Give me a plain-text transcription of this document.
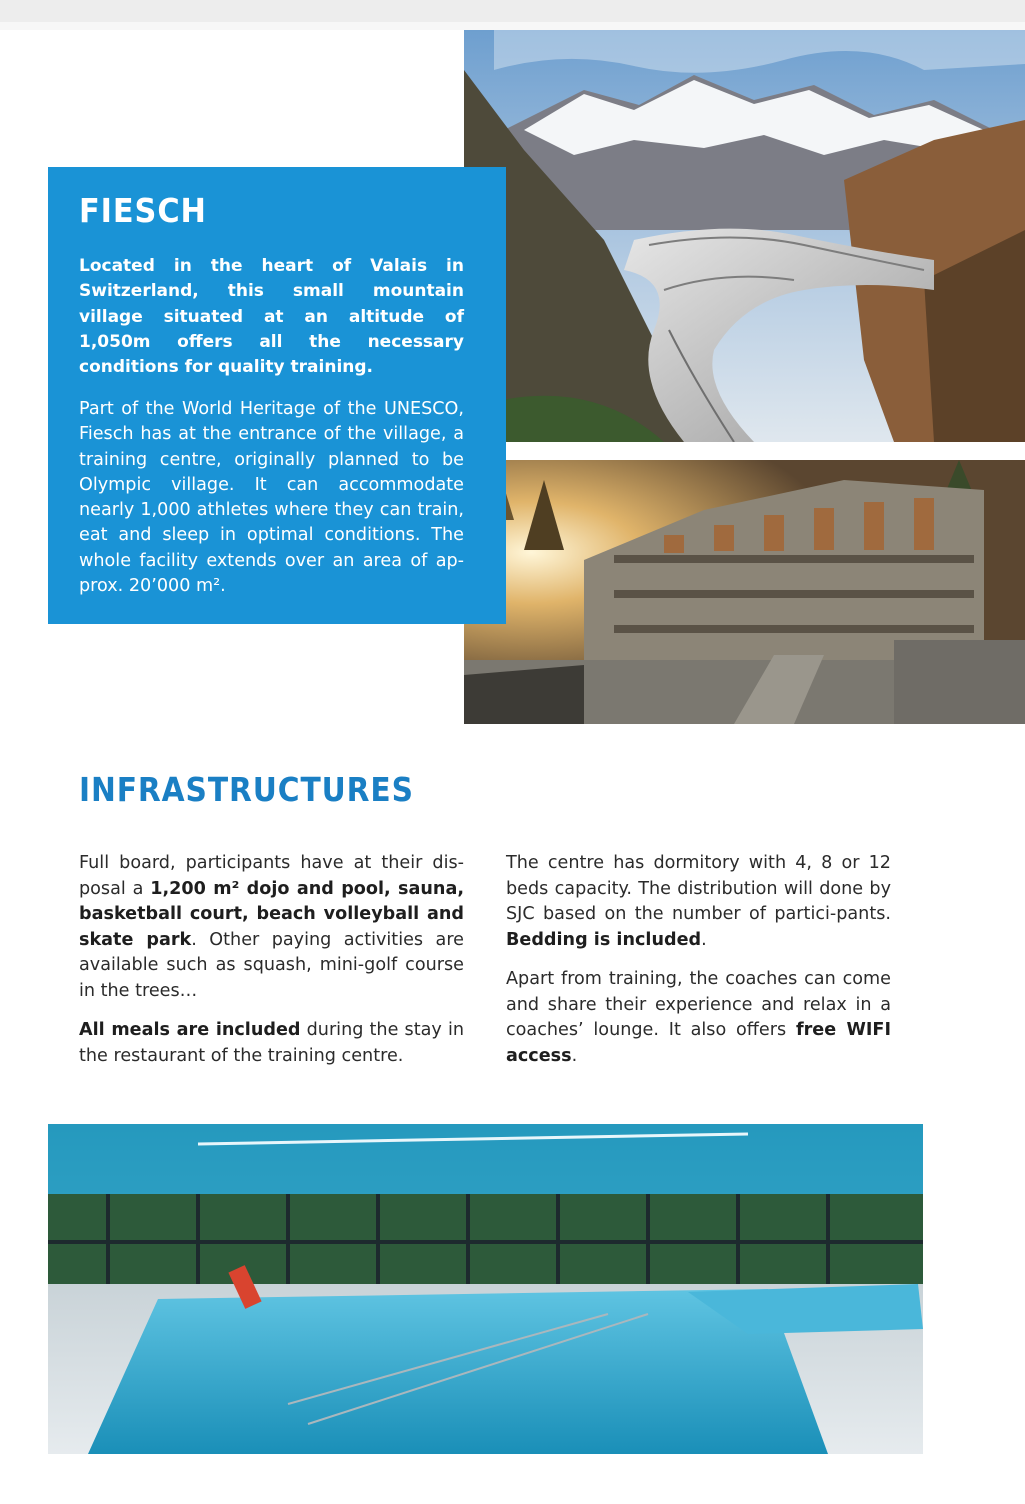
FIESCH

Located in the heart of Valais in Switzerland, this small mountain village situated at an altitude of 1,050m offers all the necessary conditions for quality training.

Part of the World Heritage of the UNESCO, Fiesch has at the entrance of the village, a training centre, originally planned to be Olympic village. It can accommodate nearly 1,000 athletes where they can train, eat and sleep in optimal conditions. The whole facility extends over an area of ap-prox. 20’000 m².

INFRASTRUCTURES

Full board, participants have at their dis-posal a 1,200 m² dojo and pool, sauna, basketball court, beach volleyball and skate park. Other paying activities are available such as squash, mini-golf course in the trees…

All meals are included during the stay in the restaurant of the training centre.

The centre has dormitory with 4, 8 or 12 beds capacity. The distribution will done by SJC based on the number of partici-pants. Bedding is included.

Apart from training, the coaches can come and share their experience and relax in a coaches’ lounge. It also offers free WIFI access.
